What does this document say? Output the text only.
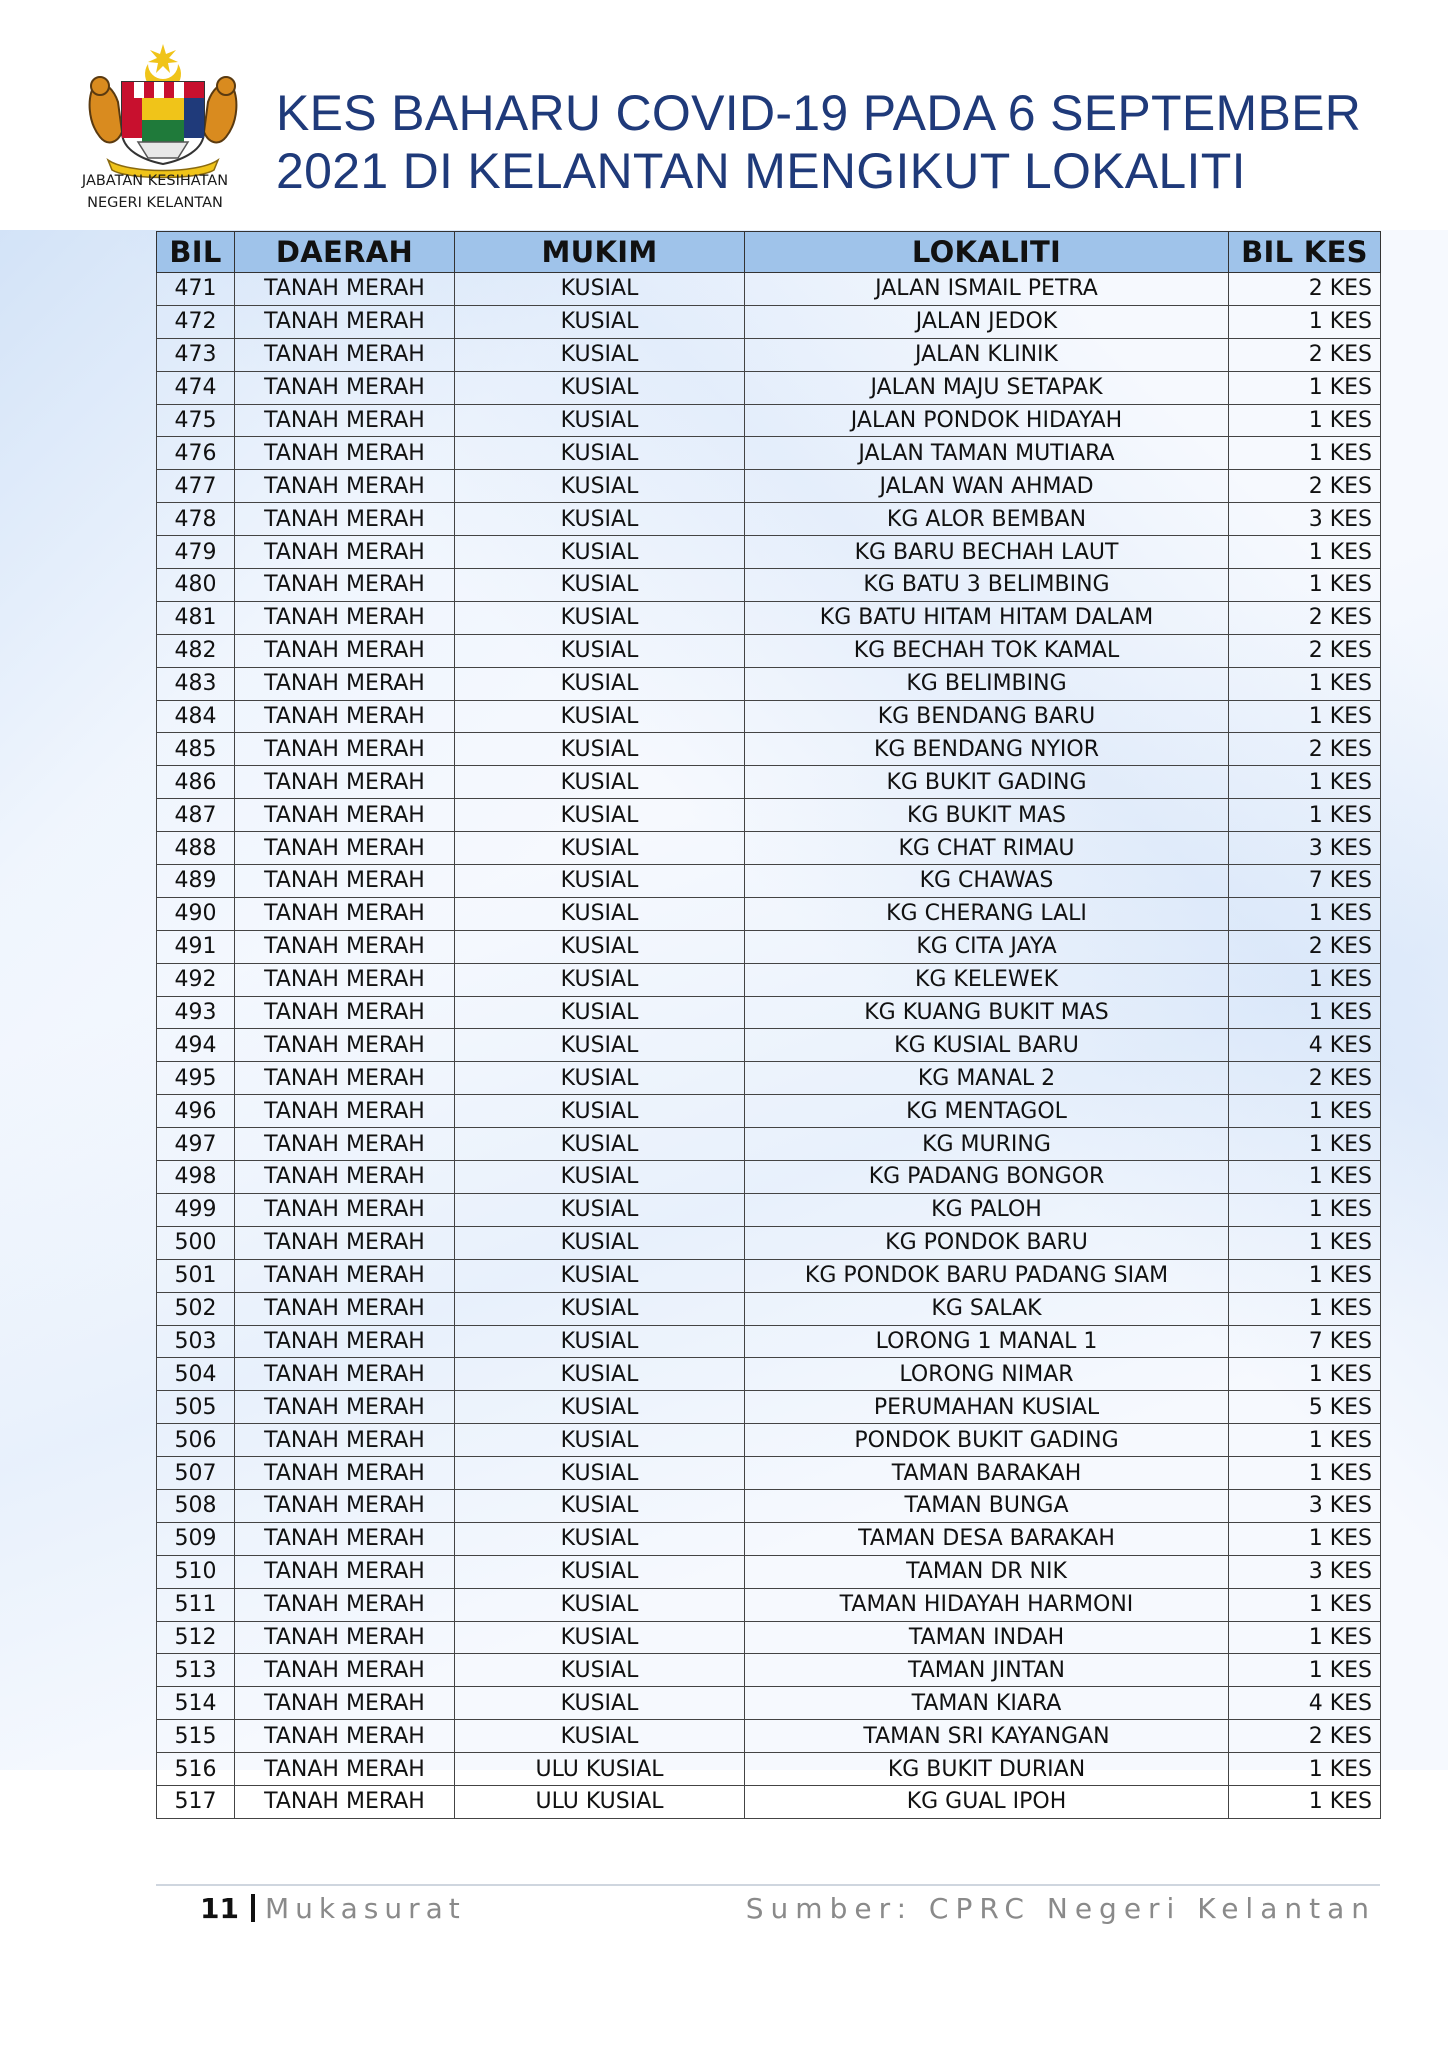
JABATAN KESIHATAN
NEGERI KELANTAN
KES BAHARU COVID-19 PADA 6 SEPTEMBER
2021 DI KELANTAN MENGIKUT LOKALITI
BIL	DAERAH	MUKIM	LOKALITI	BIL KES
471	TANAH MERAH	KUSIAL	JALAN ISMAIL PETRA	2 KES
472	TANAH MERAH	KUSIAL	JALAN JEDOK	1 KES
473	TANAH MERAH	KUSIAL	JALAN KLINIK	2 KES
474	TANAH MERAH	KUSIAL	JALAN MAJU SETAPAK	1 KES
475	TANAH MERAH	KUSIAL	JALAN PONDOK HIDAYAH	1 KES
476	TANAH MERAH	KUSIAL	JALAN TAMAN MUTIARA	1 KES
477	TANAH MERAH	KUSIAL	JALAN WAN AHMAD	2 KES
478	TANAH MERAH	KUSIAL	KG ALOR BEMBAN	3 KES
479	TANAH MERAH	KUSIAL	KG BARU BECHAH LAUT	1 KES
480	TANAH MERAH	KUSIAL	KG BATU 3 BELIMBING	1 KES
481	TANAH MERAH	KUSIAL	KG BATU HITAM HITAM DALAM	2 KES
482	TANAH MERAH	KUSIAL	KG BECHAH TOK KAMAL	2 KES
483	TANAH MERAH	KUSIAL	KG BELIMBING	1 KES
484	TANAH MERAH	KUSIAL	KG BENDANG BARU	1 KES
485	TANAH MERAH	KUSIAL	KG BENDANG NYIOR	2 KES
486	TANAH MERAH	KUSIAL	KG BUKIT GADING	1 KES
487	TANAH MERAH	KUSIAL	KG BUKIT MAS	1 KES
488	TANAH MERAH	KUSIAL	KG CHAT RIMAU	3 KES
489	TANAH MERAH	KUSIAL	KG CHAWAS	7 KES
490	TANAH MERAH	KUSIAL	KG CHERANG LALI	1 KES
491	TANAH MERAH	KUSIAL	KG CITA JAYA	2 KES
492	TANAH MERAH	KUSIAL	KG KELEWEK	1 KES
493	TANAH MERAH	KUSIAL	KG KUANG BUKIT MAS	1 KES
494	TANAH MERAH	KUSIAL	KG KUSIAL BARU	4 KES
495	TANAH MERAH	KUSIAL	KG MANAL 2	2 KES
496	TANAH MERAH	KUSIAL	KG MENTAGOL	1 KES
497	TANAH MERAH	KUSIAL	KG MURING	1 KES
498	TANAH MERAH	KUSIAL	KG PADANG BONGOR	1 KES
499	TANAH MERAH	KUSIAL	KG PALOH	1 KES
500	TANAH MERAH	KUSIAL	KG PONDOK BARU	1 KES
501	TANAH MERAH	KUSIAL	KG PONDOK BARU PADANG SIAM	1 KES
502	TANAH MERAH	KUSIAL	KG SALAK	1 KES
503	TANAH MERAH	KUSIAL	LORONG 1 MANAL 1	7 KES
504	TANAH MERAH	KUSIAL	LORONG NIMAR	1 KES
505	TANAH MERAH	KUSIAL	PERUMAHAN KUSIAL	5 KES
506	TANAH MERAH	KUSIAL	PONDOK BUKIT GADING	1 KES
507	TANAH MERAH	KUSIAL	TAMAN BARAKAH	1 KES
508	TANAH MERAH	KUSIAL	TAMAN BUNGA	3 KES
509	TANAH MERAH	KUSIAL	TAMAN DESA BARAKAH	1 KES
510	TANAH MERAH	KUSIAL	TAMAN DR NIK	3 KES
511	TANAH MERAH	KUSIAL	TAMAN HIDAYAH HARMONI	1 KES
512	TANAH MERAH	KUSIAL	TAMAN INDAH	1 KES
513	TANAH MERAH	KUSIAL	TAMAN JINTAN	1 KES
514	TANAH MERAH	KUSIAL	TAMAN KIARA	4 KES
515	TANAH MERAH	KUSIAL	TAMAN SRI KAYANGAN	2 KES
516	TANAH MERAH	ULU KUSIAL	KG BUKIT DURIAN	1 KES
517	TANAH MERAH	ULU KUSIAL	KG GUAL IPOH	1 KES
11 Mukasurat	Sumber: CPRC Negeri Kelantan
